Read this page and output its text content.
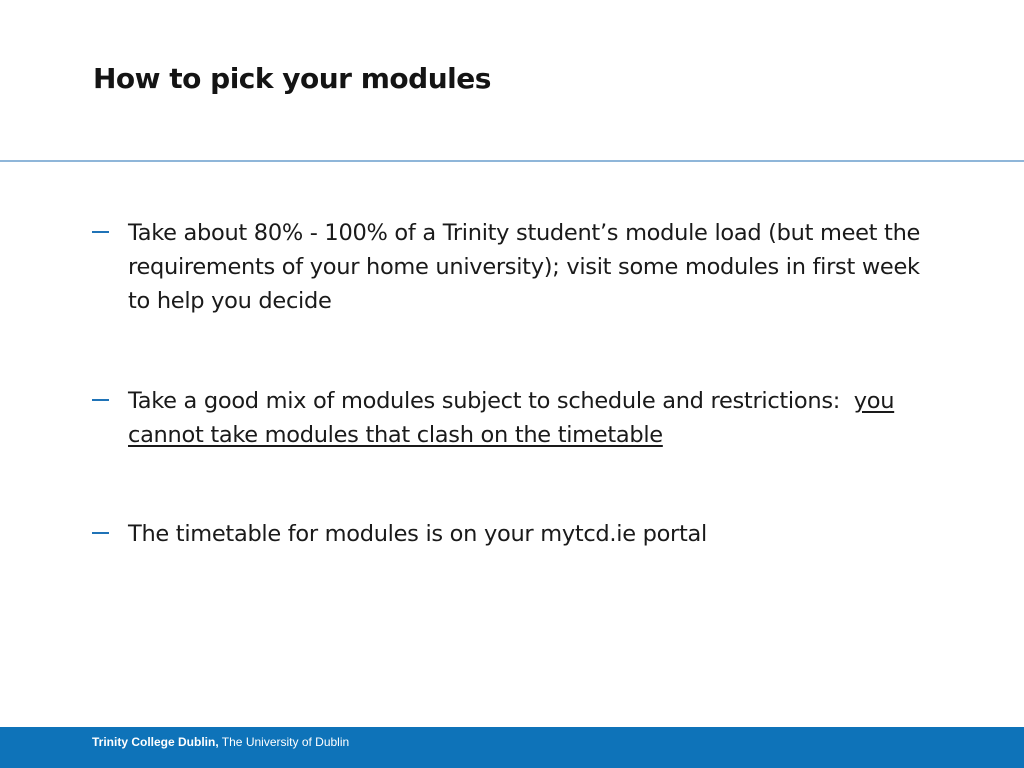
How to pick your modules
Take about 80% - 100% of a Trinity student’s module load (but meet the requirements of your home university); visit some modules in first week to help you decide
Take a good mix of modules subject to schedule and restrictions:  you cannot take modules that clash on the timetable
The timetable for modules is on your mytcd.ie portal
Trinity College Dublin, The University of Dublin
